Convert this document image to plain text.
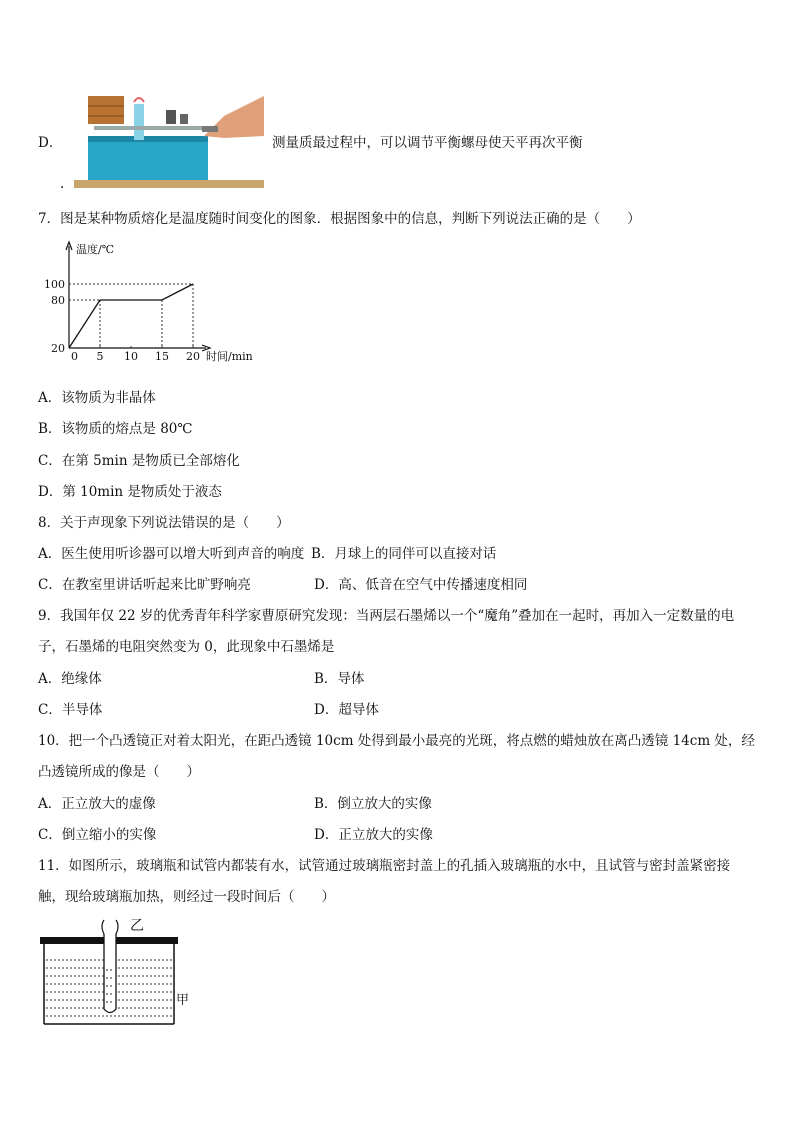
D．	测量质最过程中，可以调节平衡螺母使天平再次平衡
.
7．图是某种物质熔化是温度随时间变化的图象．根据图象中的信息，判断下列说法正确的是（　　）
温度/℃
时间/min
20
80
100
5 10 15 20
0
A．该物质为非晶体
B．该物质的熔点是 80℃
C．在第 5min 是物质已全部熔化
D．第 10min 是物质处于液态
8．关于声现象下列说法错误的是（　　）
A．医生使用听诊器可以增大听到声音的响度 B．月球上的同伴可以直接对话
C．在教室里讲话听起来比旷野响亮	D．高、低音在空气中传播速度相同
9．我国年仅 22 岁的优秀青年科学家曹原研究发现：当两层石墨烯以一个“魔角”叠加在一起时，再加入一定数量的电
子，石墨烯的电阻突然变为 0，此现象中石墨烯是
A．绝缘体	B．导体
C．半导体	D．超导体
10．把一个凸透镜正对着太阳光，在距凸透镜 10cm 处得到最小最亮的光斑，将点燃的蜡烛放在离凸透镜 14cm 处，经
凸透镜所成的像是（　　）
A．正立放大的虚像	B．倒立放大的实像
C．倒立缩小的实像	D．正立放大的实像
11．如图所示，玻璃瓶和试管内都装有水，试管通过玻璃瓶密封盖上的孔插入玻璃瓶的水中，且试管与密封盖紧密接
触，现给玻璃瓶加热，则经过一段时间后（　　）
乙
甲
